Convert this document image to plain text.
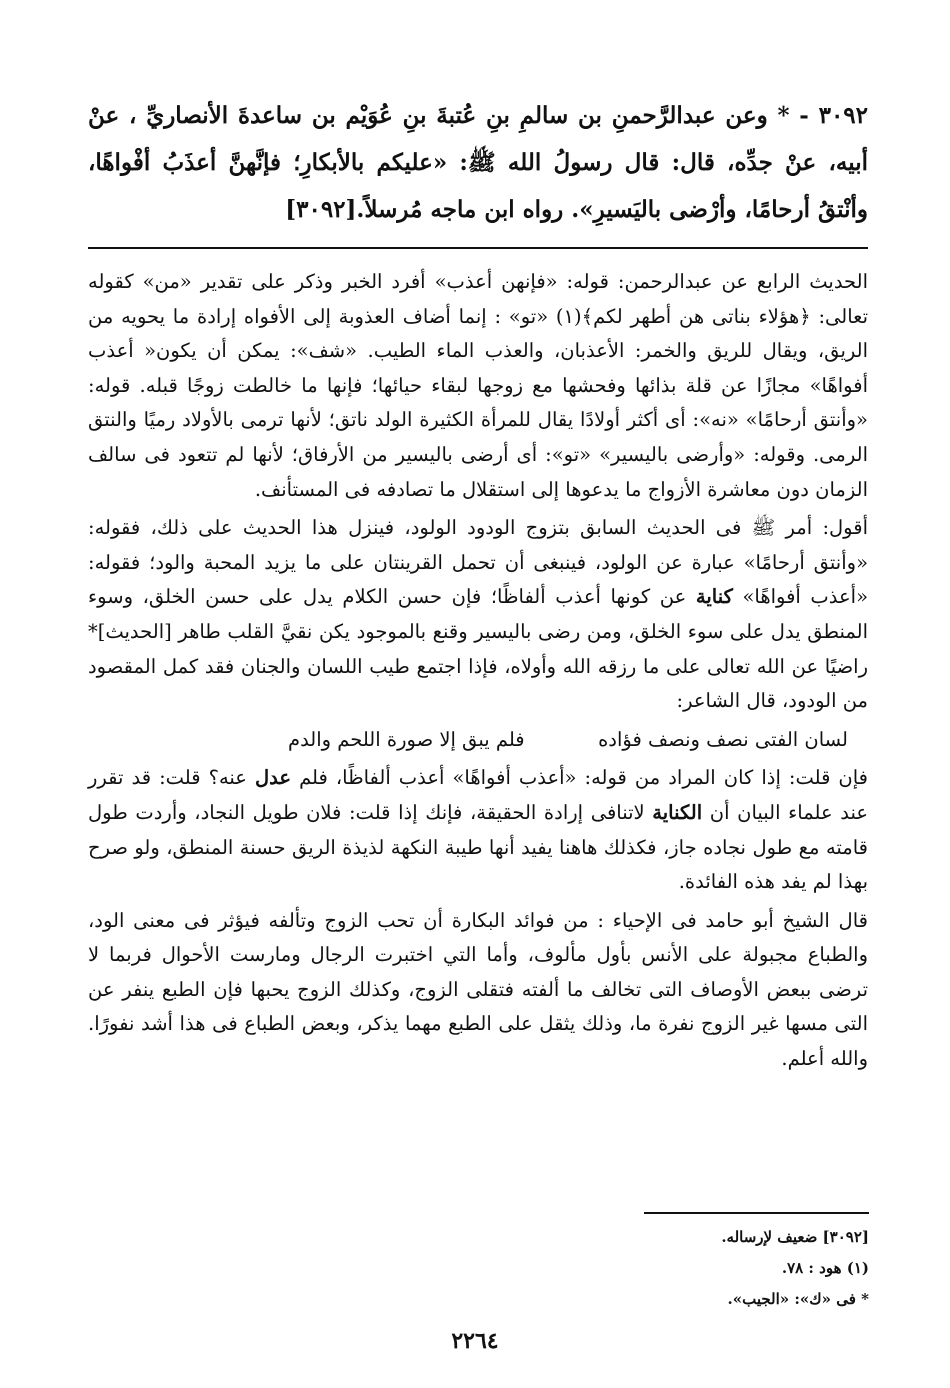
٣٠٩٢ - * وعن عبدالرَّحمنِ بن سالمِ بنِ عُتبةَ بنِ عُوَيْم بن ساعدةَ الأنصاريِّ ، عنْ أبيه، عنْ جدِّه، قال: قال رسولُ الله ﷺ: «عليكم بالأبكارِ؛ فإنَّهنَّ أعذَبُ أفْواهًا، وأنْتقُ أرحامًا، وأرْضى باليَسيرِ». رواه ابن ماجه مُرسلاً.[٣٠٩٢]

الحديث الرابع عن عبدالرحمن: قوله: «فإنهن أعذب» أفرد الخبر وذكر على تقدير «من» كقوله تعالى: ﴿هؤلاء بناتى هن أطهر لكم﴾(١) «تو» : إنما أضاف العذوبة إلى الأفواه إرادة ما يحويه من الريق، ويقال للريق والخمر: الأعذبان، والعذب الماء الطيب. «شف»: يمكن أن يكون« أعذب أفواهًا» مجازًا عن قلة بذائها وفحشها مع زوجها لبقاء حيائها؛ فإنها ما خالطت زوجًا قبله. قوله: «وأنتق أرحامًا» «نه»: أى أكثر أولادًا يقال للمرأة الكثيرة الولد ناتق؛ لأنها ترمى بالأولاد رميًا والنتق الرمى. وقوله: «وأرضى باليسير» «تو»: أى أرضى باليسير من الأرفاق؛ لأنها لم تتعود فى سالف الزمان دون معاشرة الأزواج ما يدعوها إلى استقلال ما تصادفه فى المستأنف.

أقول: أمر ﷺ فى الحديث السابق بتزوج الودود الولود، فينزل هذا الحديث على ذلك، فقوله: «وأنتق أرحامًا» عبارة عن الولود، فينبغى أن تحمل القرينتان على ما يزيد المحبة والود؛ فقوله: «أعذب أفواهًا» كناية عن كونها أعذب ألفاظًا؛ فإن حسن الكلام يدل على حسن الخلق، وسوء المنطق يدل على سوء الخلق، ومن رضى باليسير وقنع بالموجود يكن نقيَّ القلب طاهر [الحديث]* راضيًا عن الله تعالى على ما رزقه الله وأولاه، فإذا اجتمع طيب اللسان والجنان فقد كمل المقصود من الودود، قال الشاعر:

لسان الفتى نصف ونصف فؤاده
فلم يبق إلا صورة اللحم والدم

فإن قلت: إذا كان المراد من قوله: «أعذب أفواهًا» أعذب ألفاظًا، فلم عدل عنه؟ قلت: قد تقرر عند علماء البيان أن الكناية لاتنافى إرادة الحقيقة، فإنك إذا قلت: فلان طويل النجاد، وأردت طول قامته مع طول نجاده جاز، فكذلك هاهنا يفيد أنها طيبة النكهة لذيذة الريق حسنة المنطق، ولو صرح بهذا لم يفد هذه الفائدة.

قال الشيخ أبو حامد فى الإحياء : من فوائد البكارة أن تحب الزوج وتألفه فيؤثر فى معنى الود، والطباع مجبولة على الأنس بأول مألوف، وأما التي اختبرت الرجال ومارست الأحوال فربما لا ترضى ببعض الأوصاف التى تخالف ما ألفته فتقلى الزوج، وكذلك الزوج يحبها فإن الطبع ينفر عن التى مسها غير الزوج نفرة ما، وذلك يثقل على الطبع مهما يذكر، وبعض الطباع فى هذا أشد نفورًا. والله أعلم.

[٣٠٩٢] ضعيف لإرساله.
(١) هود : ٧٨.
* فى «ك»: «الجيب».
٢٢٦٤
